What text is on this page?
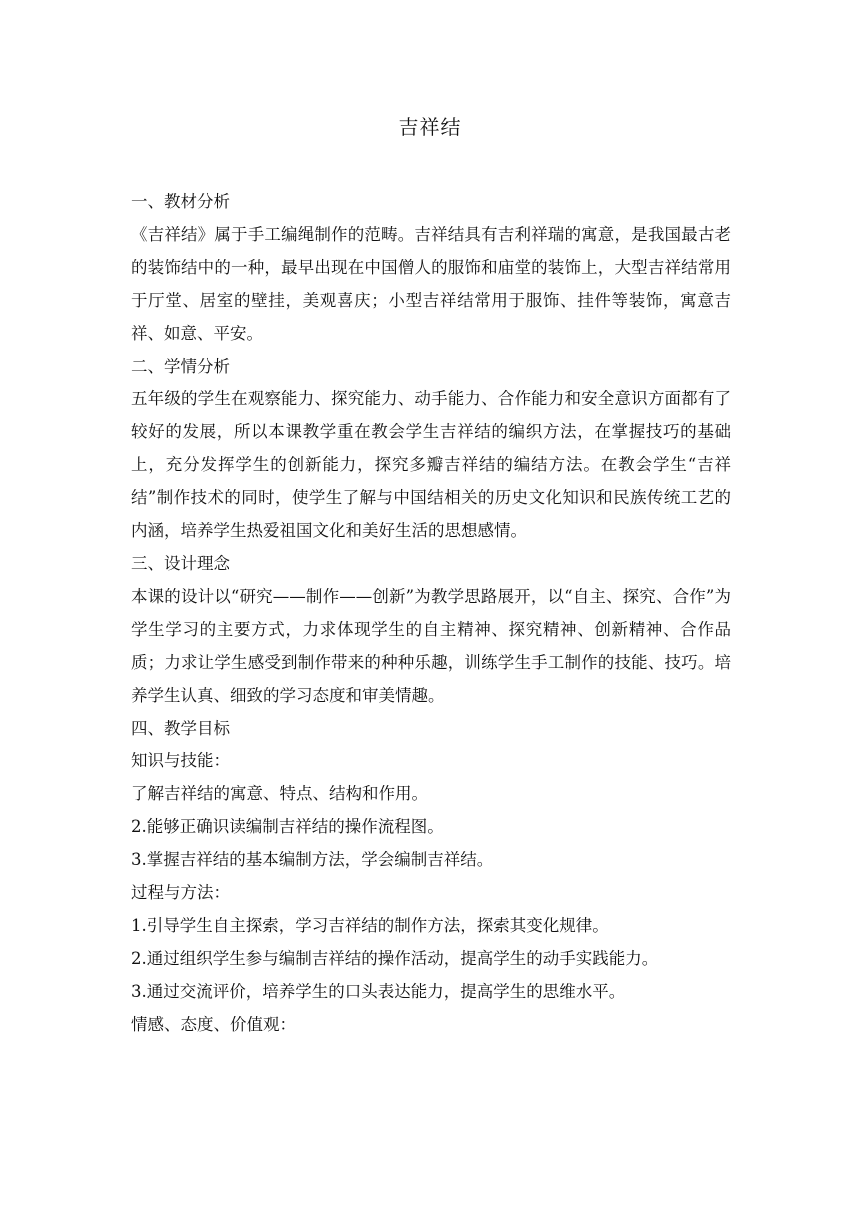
吉祥结

一、教材分析

《吉祥结》属于手工编绳制作的范畴。吉祥结具有吉利祥瑞的寓意，是我国最古老的装饰结中的一种，最早出现在中国僧人的服饰和庙堂的装饰上，大型吉祥结常用于厅堂、居室的壁挂，美观喜庆；小型吉祥结常用于服饰、挂件等装饰，寓意吉祥、如意、平安。

二、学情分析

五年级的学生在观察能力、探究能力、动手能力、合作能力和安全意识方面都有了较好的发展，所以本课教学重在教会学生吉祥结的编织方法，在掌握技巧的基础上，充分发挥学生的创新能力，探究多瓣吉祥结的编结方法。在教会学生“吉祥结”制作技术的同时，使学生了解与中国结相关的历史文化知识和民族传统工艺的内涵，培养学生热爱祖国文化和美好生活的思想感情。

三、设计理念

本课的设计以“研究——制作——创新”为教学思路展开，以“自主、探究、合作”为学生学习的主要方式，力求体现学生的自主精神、探究精神、创新精神、合作品质；力求让学生感受到制作带来的种种乐趣，训练学生手工制作的技能、技巧。培养学生认真、细致的学习态度和审美情趣。

四、教学目标

知识与技能：

了解吉祥结的寓意、特点、结构和作用。

2.能够正确识读编制吉祥结的操作流程图。

3.掌握吉祥结的基本编制方法，学会编制吉祥结。

过程与方法：

1.引导学生自主探索，学习吉祥结的制作方法，探索其变化规律。

2.通过组织学生参与编制吉祥结的操作活动，提高学生的动手实践能力。

3.通过交流评价，培养学生的口头表达能力，提高学生的思维水平。

情感、态度、价值观：
